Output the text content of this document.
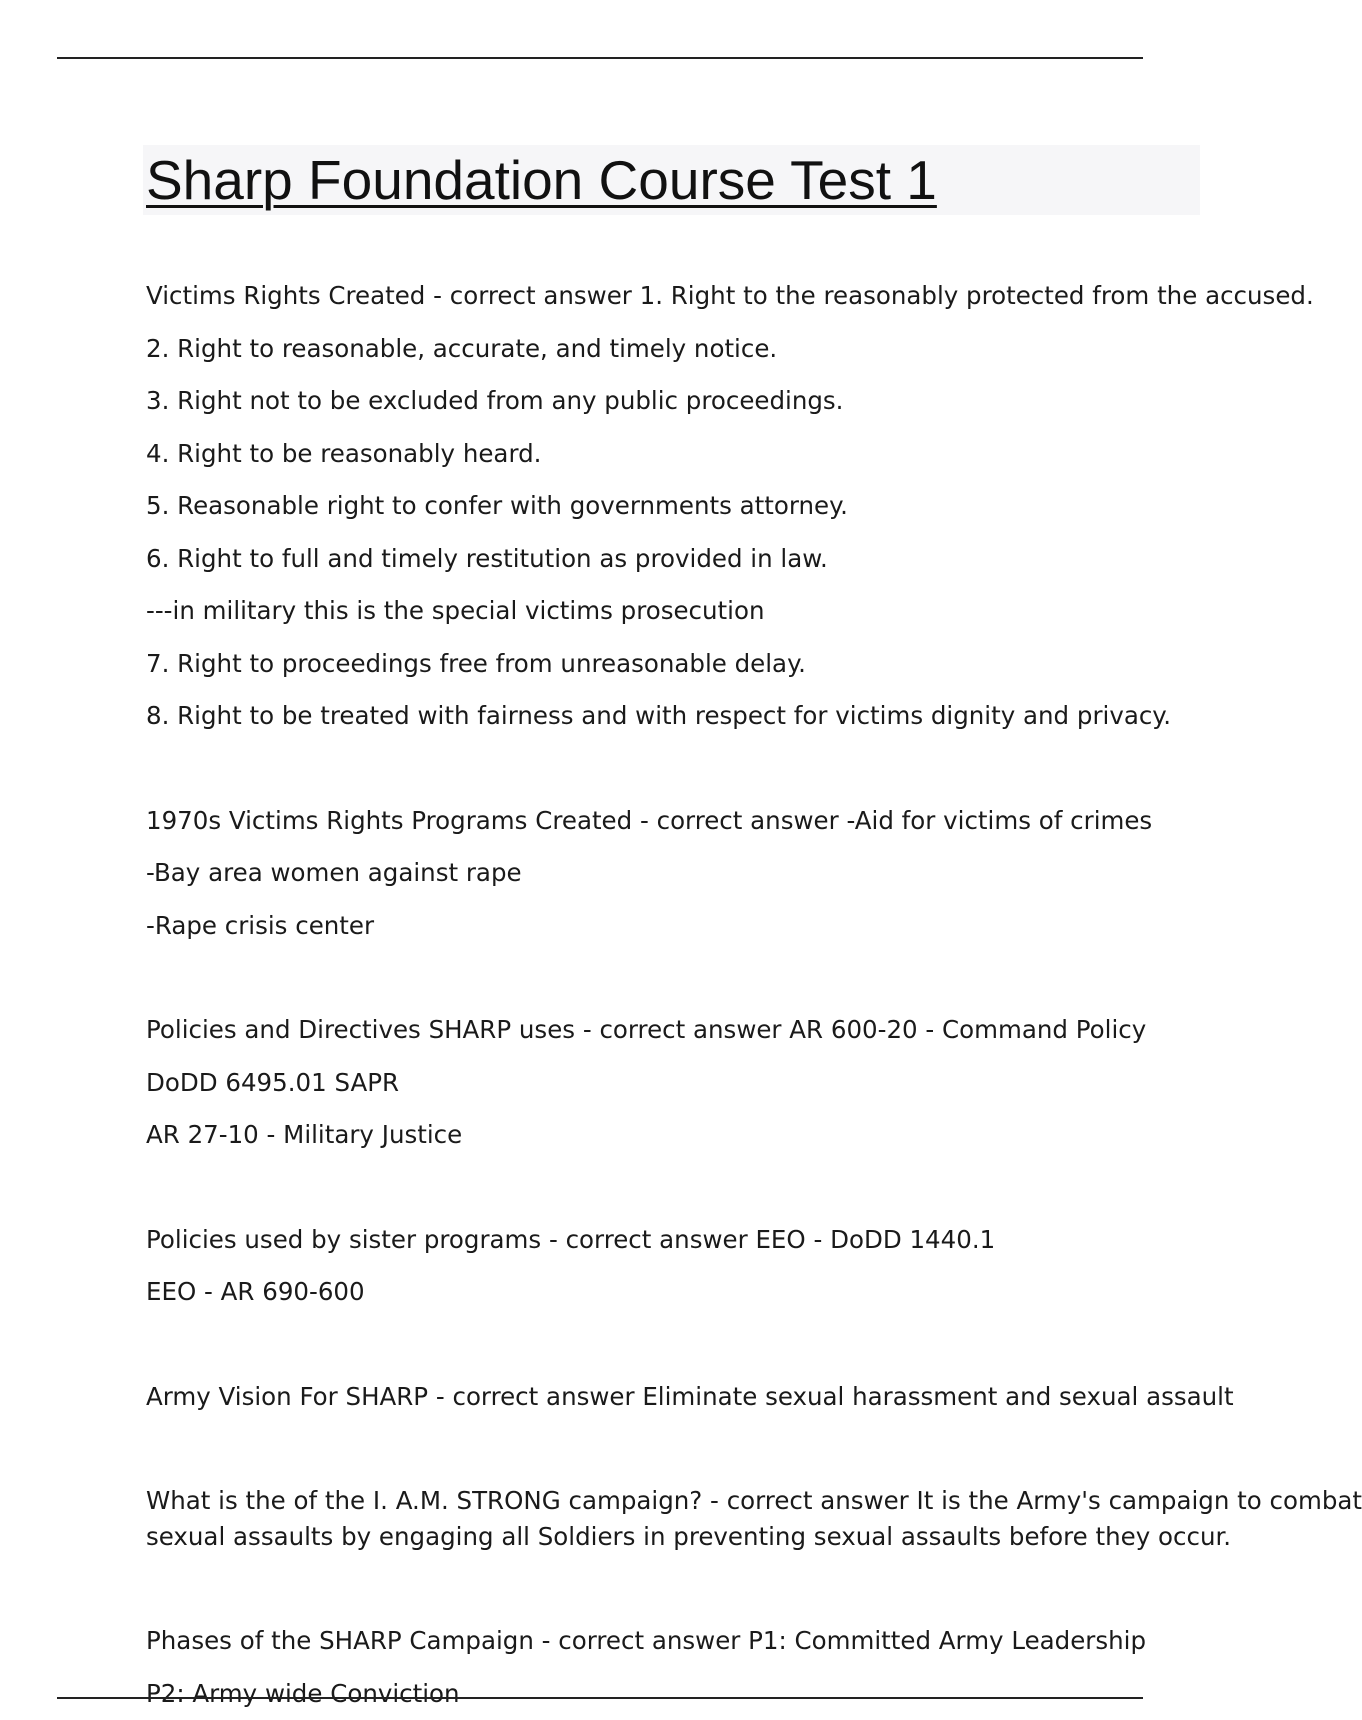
Sharp Foundation Course Test 1
Victims Rights Created - correct answer 1. Right to the reasonably protected from the accused.
2. Right to reasonable, accurate, and timely notice.
3. Right not to be excluded from any public proceedings.
4. Right to be reasonably heard.
5. Reasonable right to confer with governments attorney.
6. Right to full and timely restitution as provided in law.
---in military this is the special victims prosecution
7. Right to proceedings free from unreasonable delay.
8. Right to be treated with fairness and with respect for victims dignity and privacy.
1970s Victims Rights Programs Created - correct answer -Aid for victims of crimes
-Bay area women against rape
-Rape crisis center
Policies and Directives SHARP uses - correct answer AR 600-20 - Command Policy
DoDD 6495.01 SAPR
AR 27-10 - Military Justice
Policies used by sister programs - correct answer EEO - DoDD 1440.1
EEO - AR 690-600
Army Vision For SHARP - correct answer Eliminate sexual harassment and sexual assault
What is the of the I. A.M. STRONG campaign? - correct answer It is the Army's campaign to combat
sexual assaults by engaging all Soldiers in preventing sexual assaults before they occur.
Phases of the SHARP Campaign - correct answer P1: Committed Army Leadership
P2: Army wide Conviction
